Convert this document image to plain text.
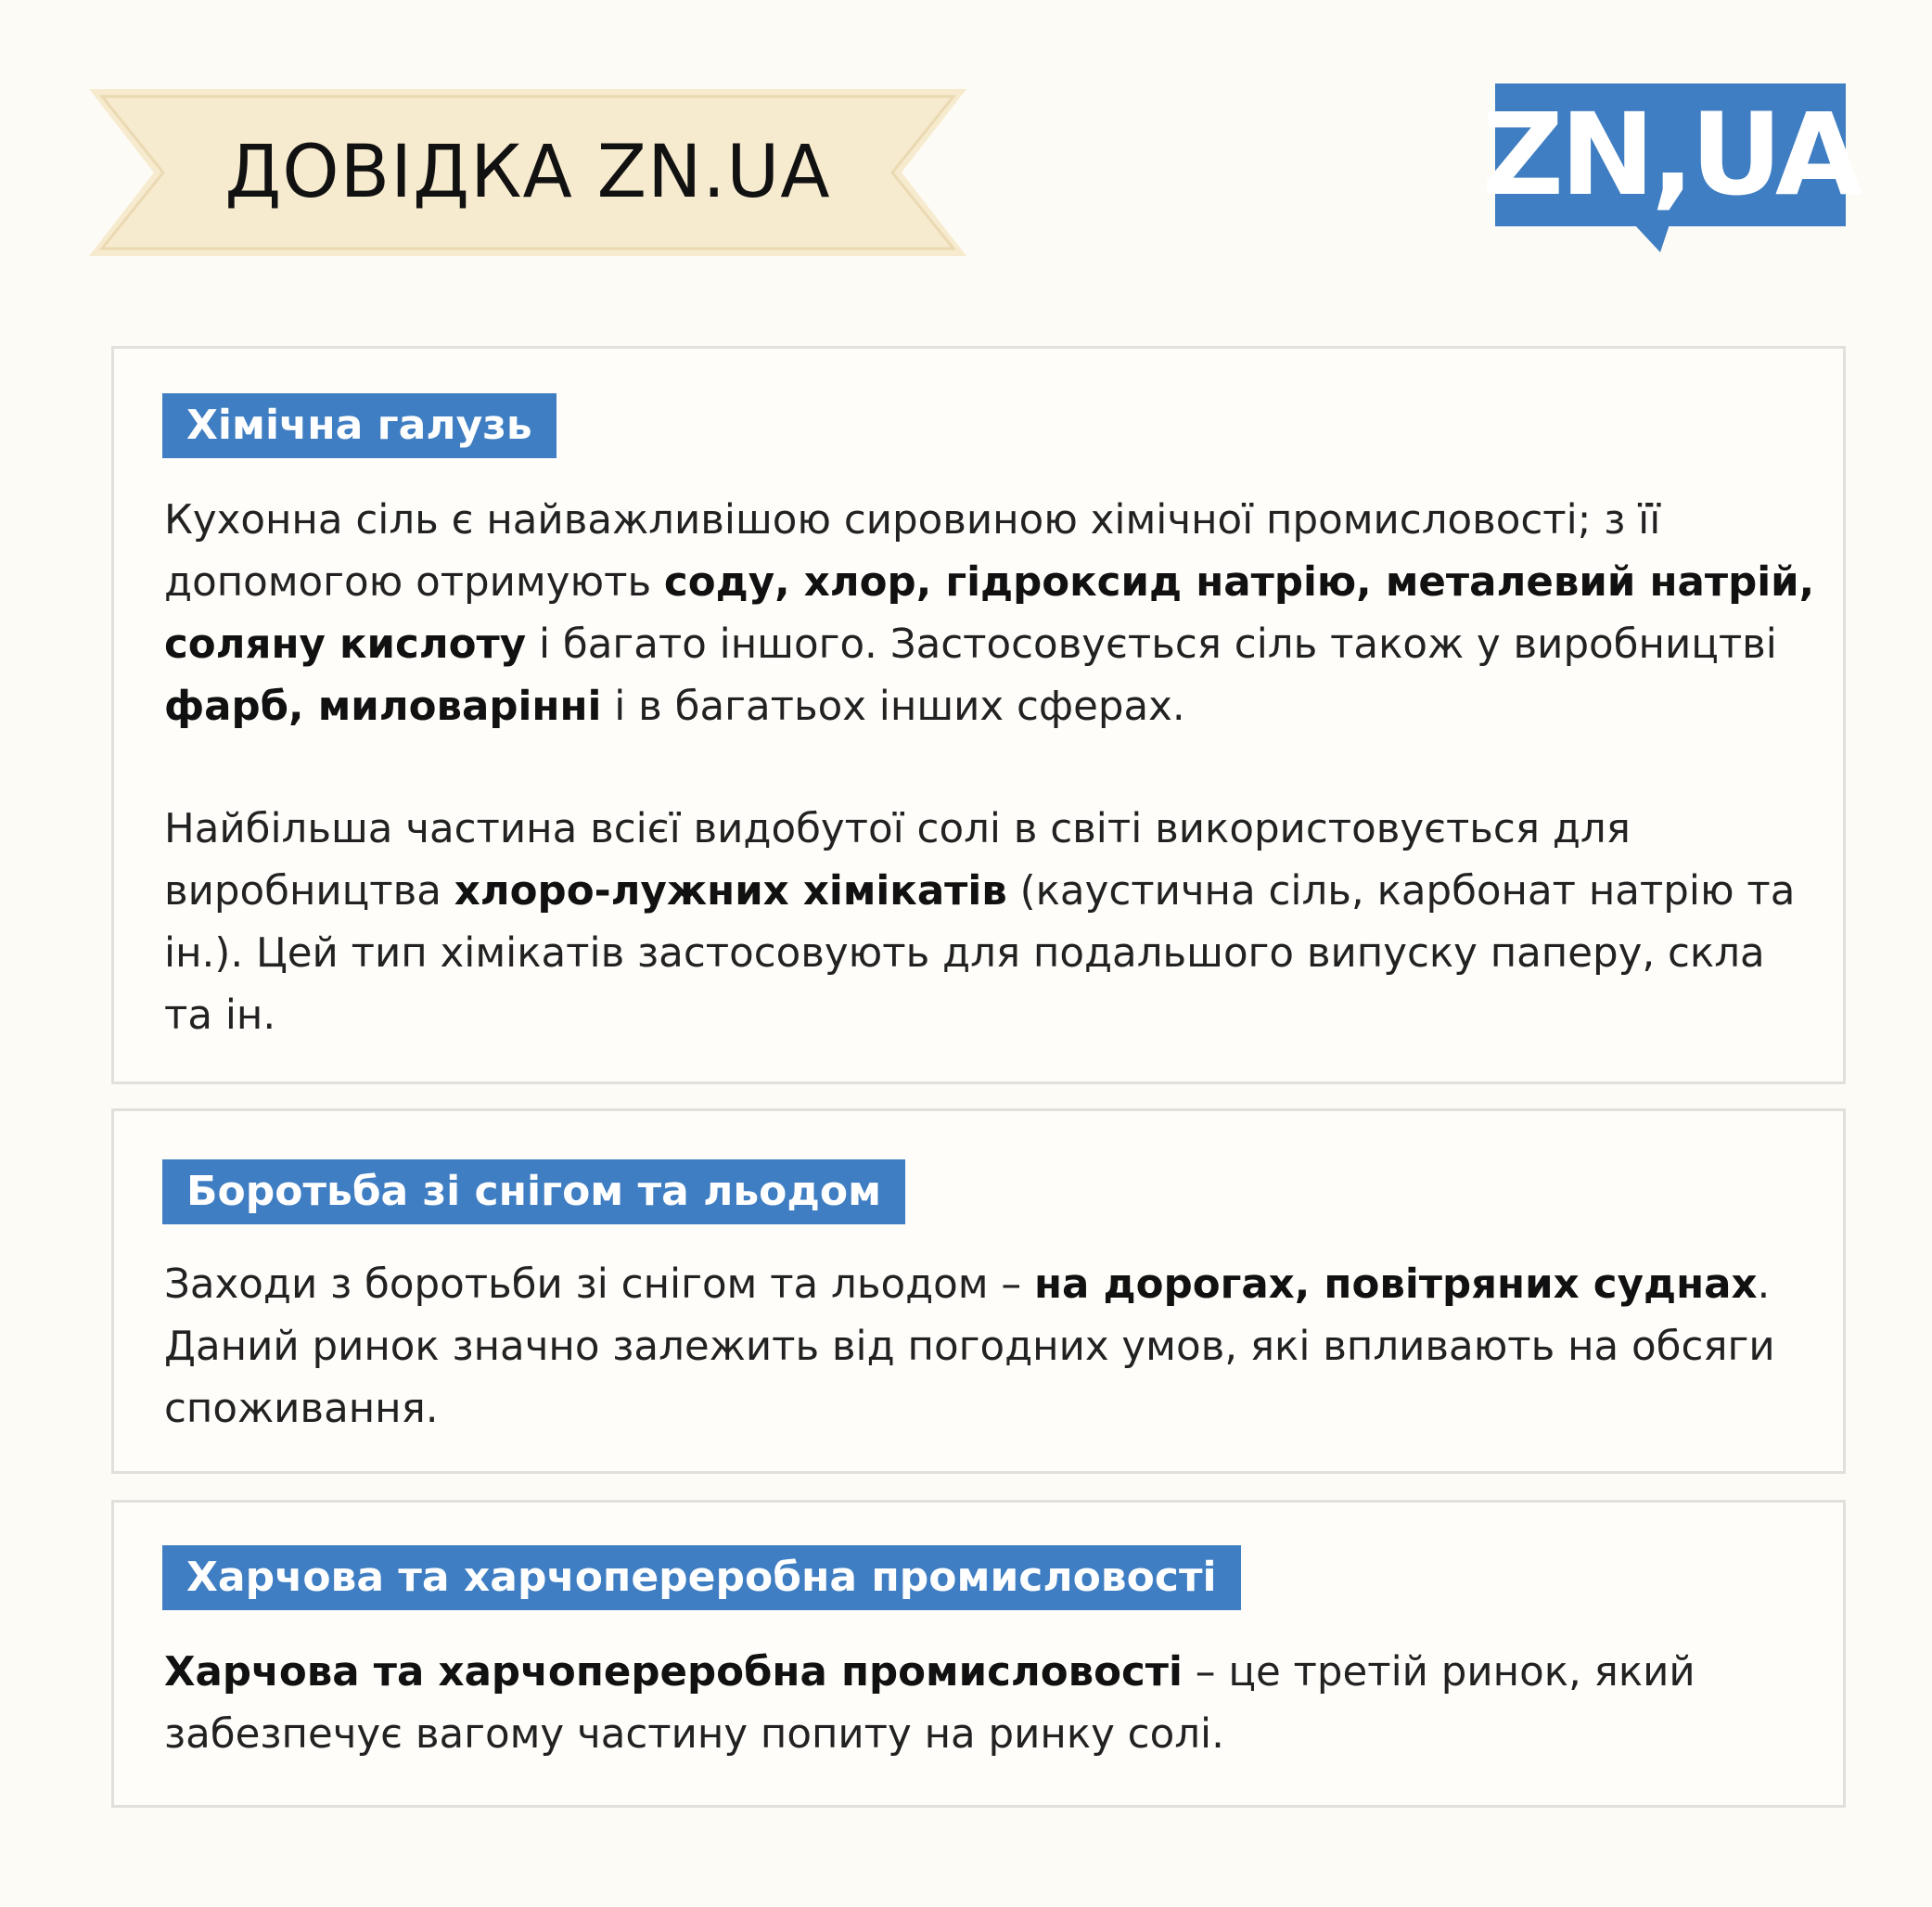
ДОВІДКА ZN.UA	ZN,UA
Хімічна галузь

Кухонна сіль є найважливішою сировиною хімічної промисловості; з її допомогою отримують соду, хлор, гідроксид натрію, металевий натрій, соляну кислоту і багато іншого. Застосовується сіль також у виробництві фарб, миловарінні і в багатьох інших сферах.

Найбільша частина всієї видобутої солі в світі використовується для виробництва хлоро-лужних хімікатів (каустична сіль, карбонат натрію та ін.). Цей тип хімікатів застосовують для подальшого випуску паперу, скла та ін.

Боротьба зі снігом та льодом

Заходи з боротьби зі снігом та льодом – на дорогах, повітряних суднах. Даний ринок значно залежить від погодних умов, які впливають на обсяги споживання.

Харчова та харчопереробна промисловості

Харчова та харчопереробна промисловості – це третій ринок, який забезпечує вагому частину попиту на ринку солі.
